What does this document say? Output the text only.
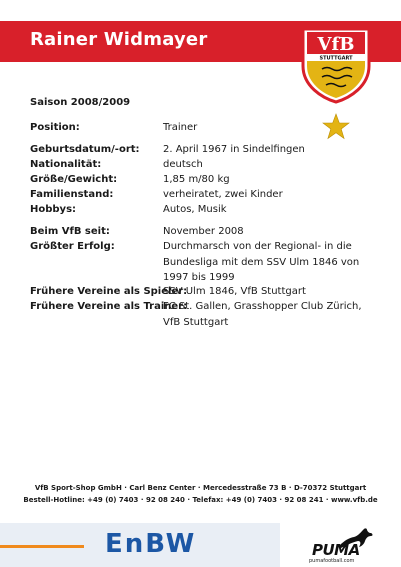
Rainer Widmayer	VfB
STUTTGART
Saison 2008/2009
Position:	Trainer
Geburtsdatum/-ort: 2. April 1967 in Sindelfingen
Nationalität:	deutsch
Größe/Gewicht:	1,85 m/80 kg
Familienstand:	verheiratet, zwei Kinder
Hobbys:	Autos, Musik
Beim VfB seit:	November 2008
Größter Erfolg:	Durchmarsch von der Regional- in die Bundesliga mit dem SSV Ulm 1846 von 1997 bis 1999
Frühere Vereine als Spieler:
SSV Ulm 1846, VfB Stuttgart
Frühere Vereine als Trainer:
FC St. Gallen, Grasshopper Club Zürich, VfB Stuttgart
VfB Sport-Shop GmbH · Carl Benz Center · Mercedesstraße 73 B · D-70372 Stuttgart
Bestell-Hotline: +49 (0) 7403 · 92 08 240 · Telefax: +49 (0) 7403 · 92 08 241 · www.vfb.de
EnBW	PUMA
pumafootball.com
